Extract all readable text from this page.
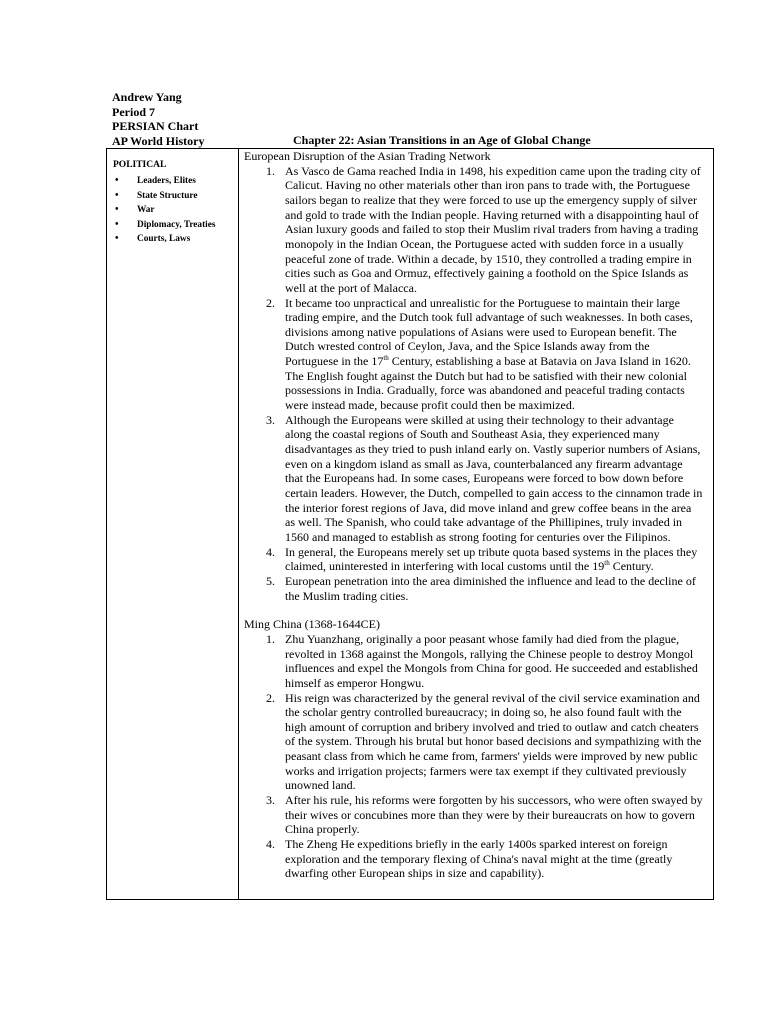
Andrew Yang
Period 7
PERSIAN Chart
AP World History	Chapter 22: Asian Transitions in an Age of Global Change
POLITICAL
• Leaders, Elites
• State Structure
• War
• Diplomacy, Treaties
• Courts, Laws

European Disruption of the Asian Trading Network
1. As Vasco de Gama reached India in 1498, his expedition came upon the trading city of Calicut. Having no other materials other than iron pans to trade with, the Portuguese sailors began to realize that they were forced to use up the emergency supply of silver and gold to trade with the Indian people. Having returned with a disappointing haul of Asian luxury goods and failed to stop their Muslim rival traders from having a trading monopoly in the Indian Ocean, the Portuguese acted with sudden force in a usually peaceful zone of trade. Within a decade, by 1510, they controlled a trading empire in cities such as Goa and Ormuz, effectively gaining a foothold on the Spice Islands as well at the port of Malacca.
2. It became too unpractical and unrealistic for the Portuguese to maintain their large trading empire, and the Dutch took full advantage of such weaknesses. In both cases, divisions among native populations of Asians were used to European benefit. The Dutch wrested control of Ceylon, Java, and the Spice Islands away from the Portuguese in the 17th Century, establishing a base at Batavia on Java Island in 1620. The English fought against the Dutch but had to be satisfied with their new colonial possessions in India. Gradually, force was abandoned and peaceful trading contacts were instead made, because profit could then be maximized.
3. Although the Europeans were skilled at using their technology to their advantage along the coastal regions of South and Southeast Asia, they experienced many disadvantages as they tried to push inland early on. Vastly superior numbers of Asians, even on a kingdom island as small as Java, counterbalanced any firearm advantage that the Europeans had. In some cases, Europeans were forced to bow down before certain leaders. However, the Dutch, compelled to gain access to the cinnamon trade in the interior forest regions of Java, did move inland and grew coffee beans in the area as well. The Spanish, who could take advantage of the Phillipines, truly invaded in 1560 and managed to establish as strong footing for centuries over the Filipinos.
4. In general, the Europeans merely set up tribute quota based systems in the places they claimed, uninterested in interfering with local customs until the 19th Century.
5. European penetration into the area diminished the influence and lead to the decline of the Muslim trading cities.
Ming China (1368-1644CE)
1. Zhu Yuanzhang, originally a poor peasant whose family had died from the plague, revolted in 1368 against the Mongols, rallying the Chinese people to destroy Mongol influences and expel the Mongols from China for good. He succeeded and established himself as emperor Hongwu.
2. His reign was characterized by the general revival of the civil service examination and the scholar gentry controlled bureaucracy; in doing so, he also found fault with the high amount of corruption and bribery involved and tried to outlaw and catch cheaters of the system. Through his brutal but honor based decisions and sympathizing with the peasant class from which he came from, farmers' yields were improved by new public works and irrigation projects; farmers were tax exempt if they cultivated previously unowned land.
3. After his rule, his reforms were forgotten by his successors, who were often swayed by their wives or concubines more than they were by their bureaucrats on how to govern China properly.
4. The Zheng He expeditions briefly in the early 1400s sparked interest on foreign exploration and the temporary flexing of China's naval might at the time (greatly dwarfing other European ships in size and capability).
